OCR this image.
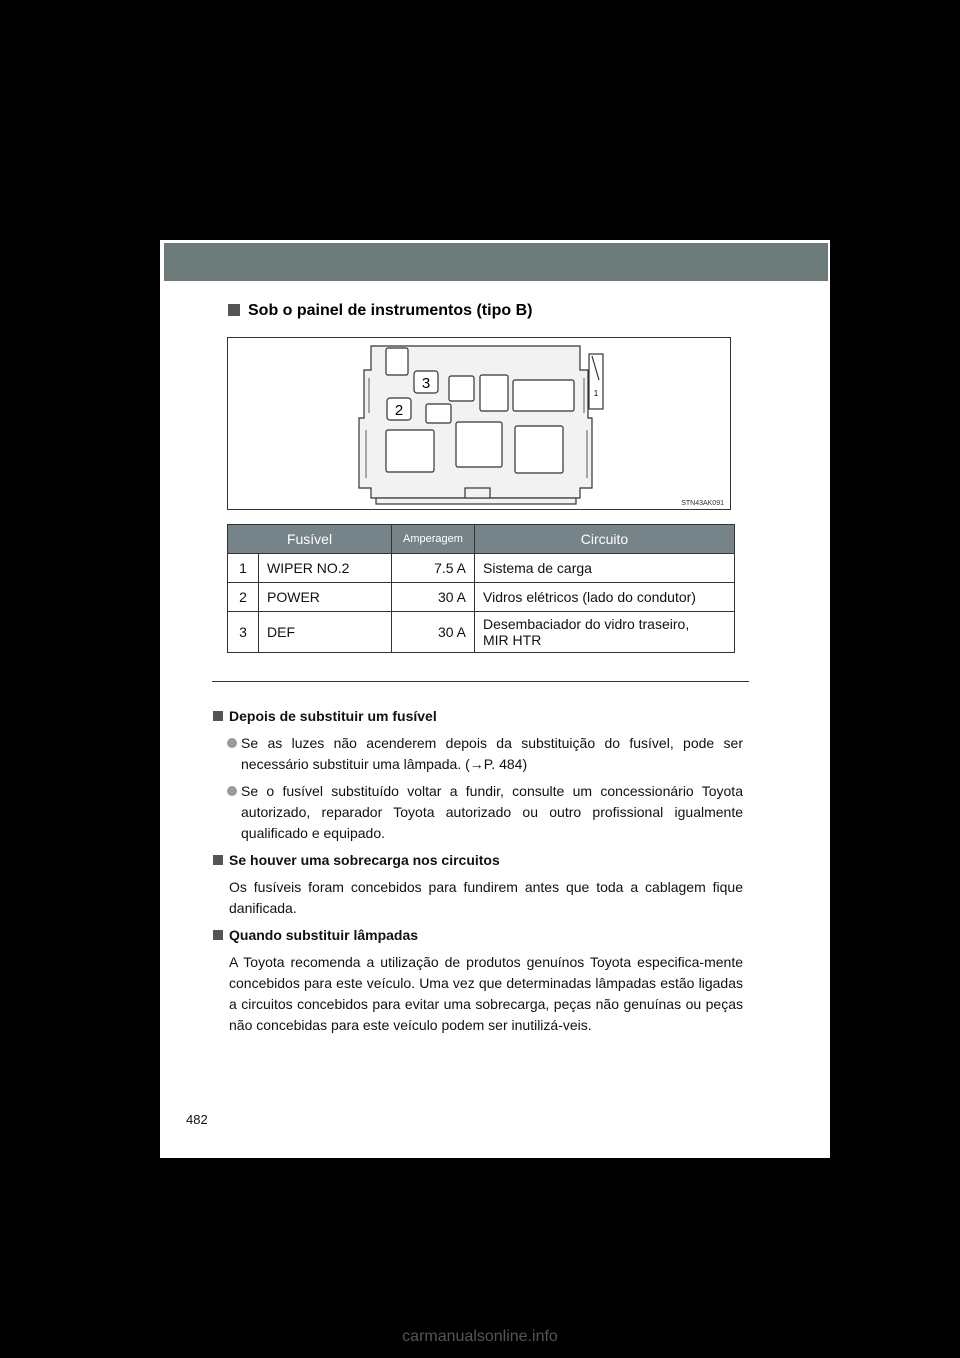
Sob o painel de instrumentos (tipo B)
3
2
1
STN43AK091
Fusível		Amperagem	Circuito
1	WIPER NO.2	7.5 A	Sistema de carga
2	POWER	30 A	Vidros elétricos (lado do condutor)
3	DEF	30 A	Desembaciador do vidro traseiro,
MIR HTR
Depois de substituir um fusível
Se as luzes não acenderem depois da substituição do fusível, pode ser necessário substituir uma lâmpada. (→P. 484)
Se o fusível substituído voltar a fundir, consulte um concessionário Toyota autorizado, reparador Toyota autorizado ou outro profissional igualmente qualificado e equipado.
Se houver uma sobrecarga nos circuitos
Os fusíveis foram concebidos para fundirem antes que toda a cablagem fique danificada.
Quando substituir lâmpadas
A Toyota recomenda a utilização de produtos genuínos Toyota especifica-mente concebidos para este veículo. Uma vez que determinadas lâmpadas estão ligadas a circuitos concebidos para evitar uma sobrecarga, peças não genuínas ou peças não concebidas para este veículo podem ser inutilizá-veis.
482
carmanualsonline.info
